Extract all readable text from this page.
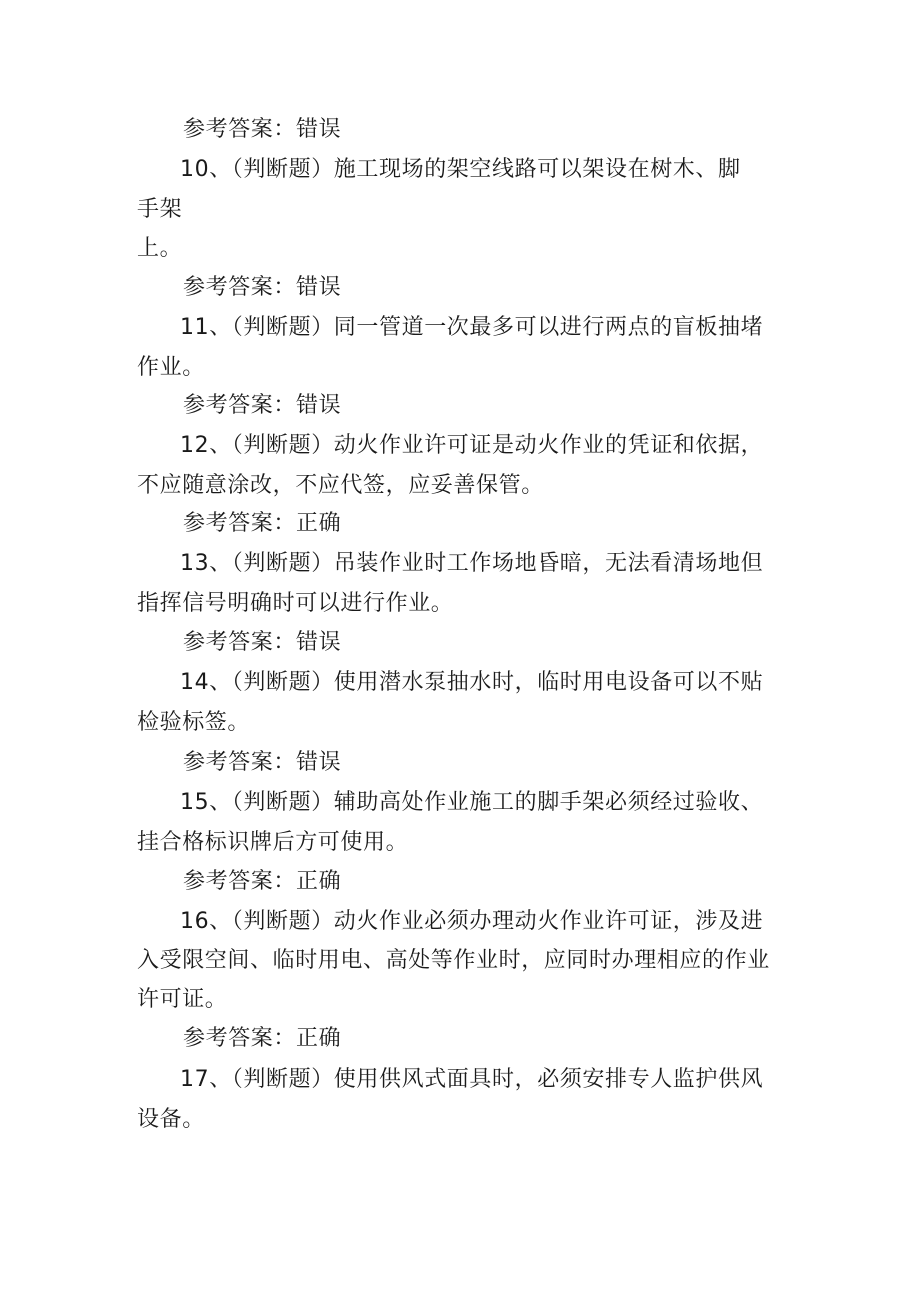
参考答案：错误
10、（判断题）施工现场的架空线路可以架设在树木、脚
手架
上。
参考答案：错误
11、（判断题）同一管道一次最多可以进行两点的盲板抽堵
作业。
参考答案：错误
12、（判断题）动火作业许可证是动火作业的凭证和依据，
不应随意涂改，不应代签，应妥善保管。
参考答案：正确
13、（判断题）吊装作业时工作场地昏暗，无法看清场地但
指挥信号明确时可以进行作业。
参考答案：错误
14、（判断题）使用潜水泵抽水时，临时用电设备可以不贴
检验标签。
参考答案：错误
15、（判断题）辅助高处作业施工的脚手架必须经过验收、
挂合格标识牌后方可使用。
参考答案：正确
16、（判断题）动火作业必须办理动火作业许可证，涉及进
入受限空间、临时用电、高处等作业时，应同时办理相应的作业
许可证。
参考答案：正确
17、（判断题）使用供风式面具时，必须安排专人监护供风
设备。
